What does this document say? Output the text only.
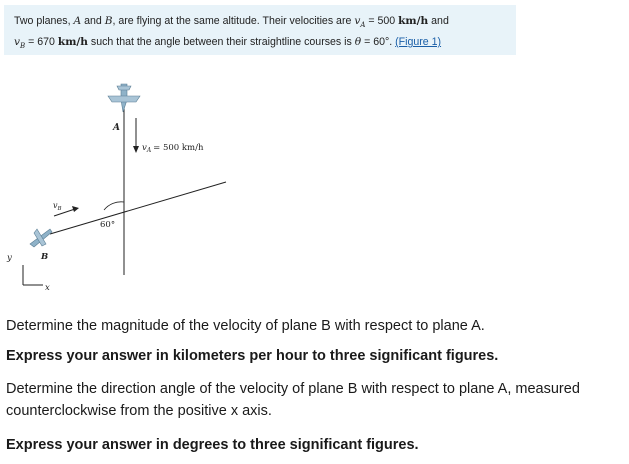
Two planes, A and B, are flying at the same altitude. Their velocities are $v_A = 500$ km/h and
$v_B = 670$ km/h such that the angle between their straightline courses is θ = 60°. (Figure 1)
A
$v_A = 500$ km/h
60°
B
$v_B$
y
x
Determine the magnitude of the velocity of plane B with respect to plane A.
Express your answer in kilometers per hour to three significant figures.
Determine the direction angle of the velocity of plane B with respect to plane A, measured
counterclockwise from the positive x axis.
Express your answer in degrees to three significant figures.
